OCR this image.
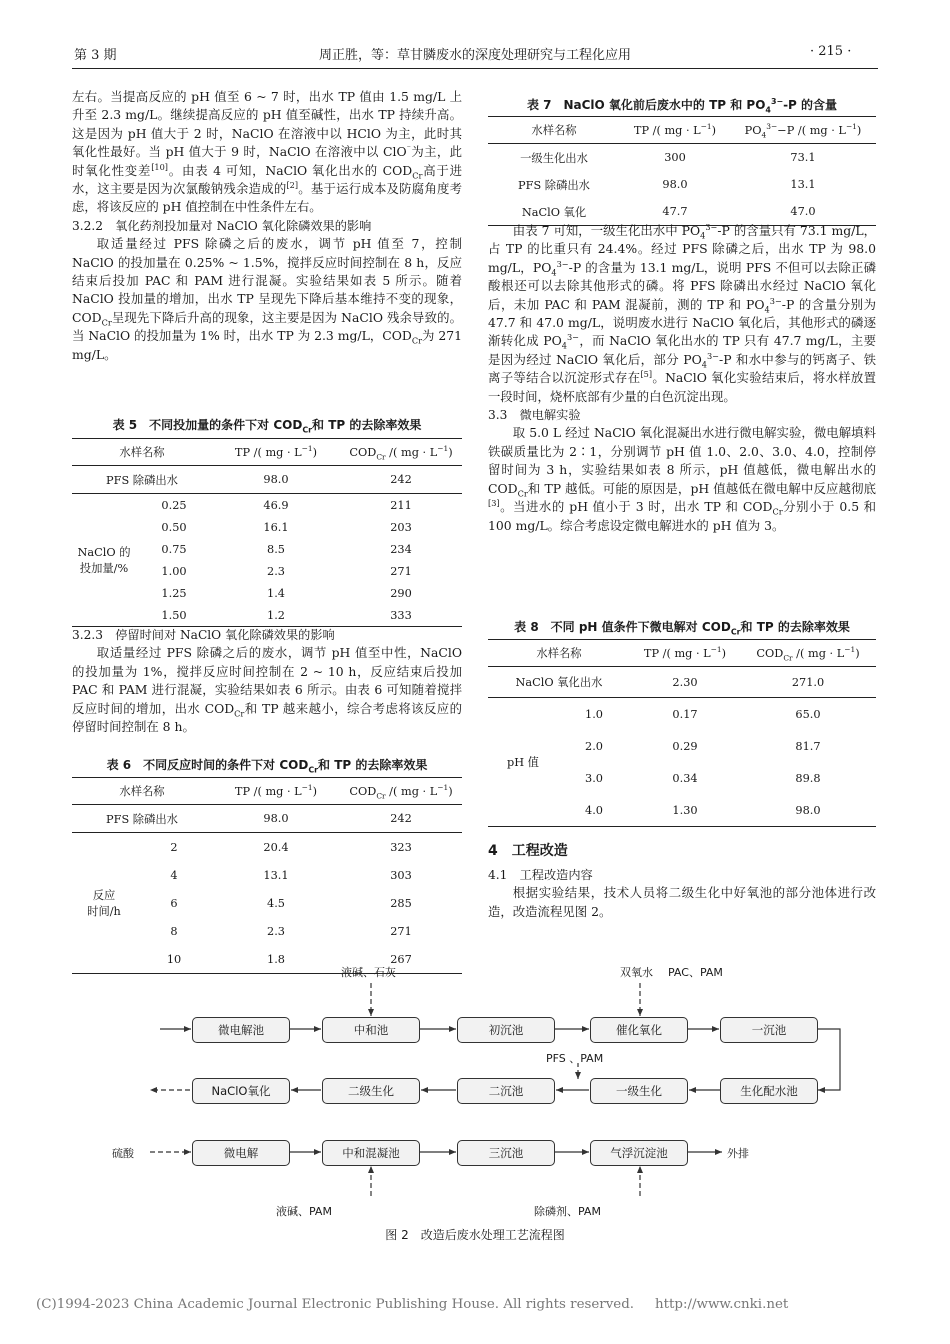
第 3 期	周正胜，等：草甘膦废水的深度处理研究与工程化应用	· 215 ·

左右。当提高反应的 pH 值至 6 ~ 7 时，出水 TP 值由 1.5 mg/L 上升至 2.3 mg/L。继续提高反应的 pH 值至碱性，出水 TP 持续升高。这是因为 pH 值大于 2 时，NaClO 在溶液中以 HClO 为主，此时其氧化性最好。当 pH 值大于 9 时，NaClO 在溶液中以 ClO⁻为主，此时氧化性变差[10]。由表 4 可知，NaClO 氧化出水的 $COD_{Cr}$高于进水，这主要是因为次氯酸钠残余造成的[2]。基于运行成本及防腐角度考虑，将该反应的 pH 值控制在中性条件左右。

3.2.2　氧化药剂投加量对 NaClO 氧化除磷效果的影响

取适量经过 PFS 除磷之后的废水，调节 pH 值至 7，控制 NaClO 的投加量在 0.25% ~ 1.5%，搅拌反应时间控制在 8 h，反应结束后投加 PAC 和 PAM 进行混凝。实验结果如表 5 所示。随着 NaClO 投加量的增加，出水 TP 呈现先下降后基本维持不变的现象，$COD_{Cr}$呈现先下降后升高的现象，这主要是因为 NaClO 残余导致的。当 NaClO 的投加量为 1% 时，出水 TP 为 2.3 mg/L，$COD_{Cr}$为 271 mg/L。

表 5　不同投加量的条件下对 $COD_{Cr}$和 TP 的去除率效果
水样名称		TP /( mg · $L^{-1}$)	$COD_{Cr}$ /( mg · $L^{-1}$)
PFS 除磷出水		98.0	242
NaClO 的
投加量/%	0.25	46.9	211
	0.50	16.1	203
	0.75	8.5	234
	1.00	2.3	271
	1.25	1.4	290
	1.50	1.2	333

3.2.3　停留时间对 NaClO 氧化除磷效果的影响

取适量经过 PFS 除磷之后的废水，调节 pH 值至中性，NaClO 的投加量为 1%，搅拌反应时间控制在 2 ~ 10 h，反应结束后投加 PAC 和 PAM 进行混凝，实验结果如表 6 所示。由表 6 可知随着搅拌反应时间的增加，出水 $COD_{Cr}$和 TP 越来越小，综合考虑将该反应的停留时间控制在 8 h。

表 6　不同反应时间的条件下对 $COD_{Cr}$和 TP 的去除率效果
水样名称		TP /( mg · $L^{-1}$)	$COD_{Cr}$ /( mg · $L^{-1}$)
PFS 除磷出水		98.0	242
反应
时间/h	2	20.4	323
	4	13.1	303
	6	4.5	285
	8	2.3	271
	10	1.8	267
表 7　NaClO 氧化前后废水中的 TP 和 $PO_4^{3-}-P$ 的含量
水样名称	TP /( mg · $L^{-1}$)	$PO_4^{3-}-P$ /( mg · $L^{-1}$)
一级生化出水	300	73.1
PFS 除磷出水	98.0	13.1
NaClO 氧化	47.7	47.0

由表 7 可知，一级生化出水中 $PO_4^{3-}-P$ 的含量只有 73.1 mg/L，占 TP 的比重只有 24.4%。经过 PFS 除磷之后，出水 TP 为 98.0 mg/L，$PO_4^{3-}-P$ 的含量为 13.1 mg/L，说明 PFS 不但可以去除正磷酸根还可以去除其他形式的磷。将 PFS 除磷出水经过 NaClO 氧化后，未加 PAC 和 PAM 混凝前，测的 TP 和 $PO_4^{3-}-P$ 的含量分别为 47.7 和 47.0 mg/L，说明废水进行 NaClO 氧化后，其他形式的磷逐渐转化成 $PO_4^{3-}$，而 NaClO 氧化出水的 TP 只有 47.7 mg/L，主要是因为经过 NaClO 氧化后，部分 $PO_4^{3-}-P$ 和水中参与的钙离子、铁离子等结合以沉淀形式存在[5]。NaClO 氧化实验结束后，将水样放置一段时间，烧杯底部有少量的白色沉淀出现。

3.3　微电解实验

取 5.0 L 经过 NaClO 氧化混凝出水进行微电解实验，微电解填料铁碳质量比为 2∶1，分别调节 pH 值 1.0、2.0、3.0、4.0，控制停留时间为 3 h，实验结果如表 8 所示，pH 值越低，微电解出水的 $COD_{Cr}$和 TP 越低。可能的原因是，pH 值越低在微电解中反应越彻底[3]。当进水的 pH 值小于 3 时，出水 TP 和 $COD_{Cr}$分别小于 0.5 和 100 mg/L。综合考虑设定微电解进水的 pH 值为 3。

表 8　不同 pH 值条件下微电解对 $COD_{Cr}$和 TP 的去除率效果
水样名称		TP /( mg · $L^{-1}$)	$COD_{Cr}$ /( mg · $L^{-1}$)
NaClO 氧化出水		2.30	271.0
pH 值	1.0	0.17	65.0
	2.0	0.29	81.7
	3.0	0.34	89.8
	4.0	1.30	98.0
4　工程改造

4.1　工程改造内容

根据实验结果，技术人员将二级生化中好氧池的部分池体进行改造，改造流程见图 2。

微电解池	中和池	初沉池	催化氧化	一沉池
NaClO氧化	二级生化	二沉池	一级生化	生化配水池
微电解	中和混凝池	三沉池	气浮沉淀池
液碱、石灰	双氧水 PAC、PAM
PFS 、PAM
硫酸	外排
液碱、PAM	除磷剂、PAM
图 2　改造后废水处理工艺流程图
(C)1994-2023 China Academic Journal Electronic Publishing House. All rights reserved. http://www.cnki.net
